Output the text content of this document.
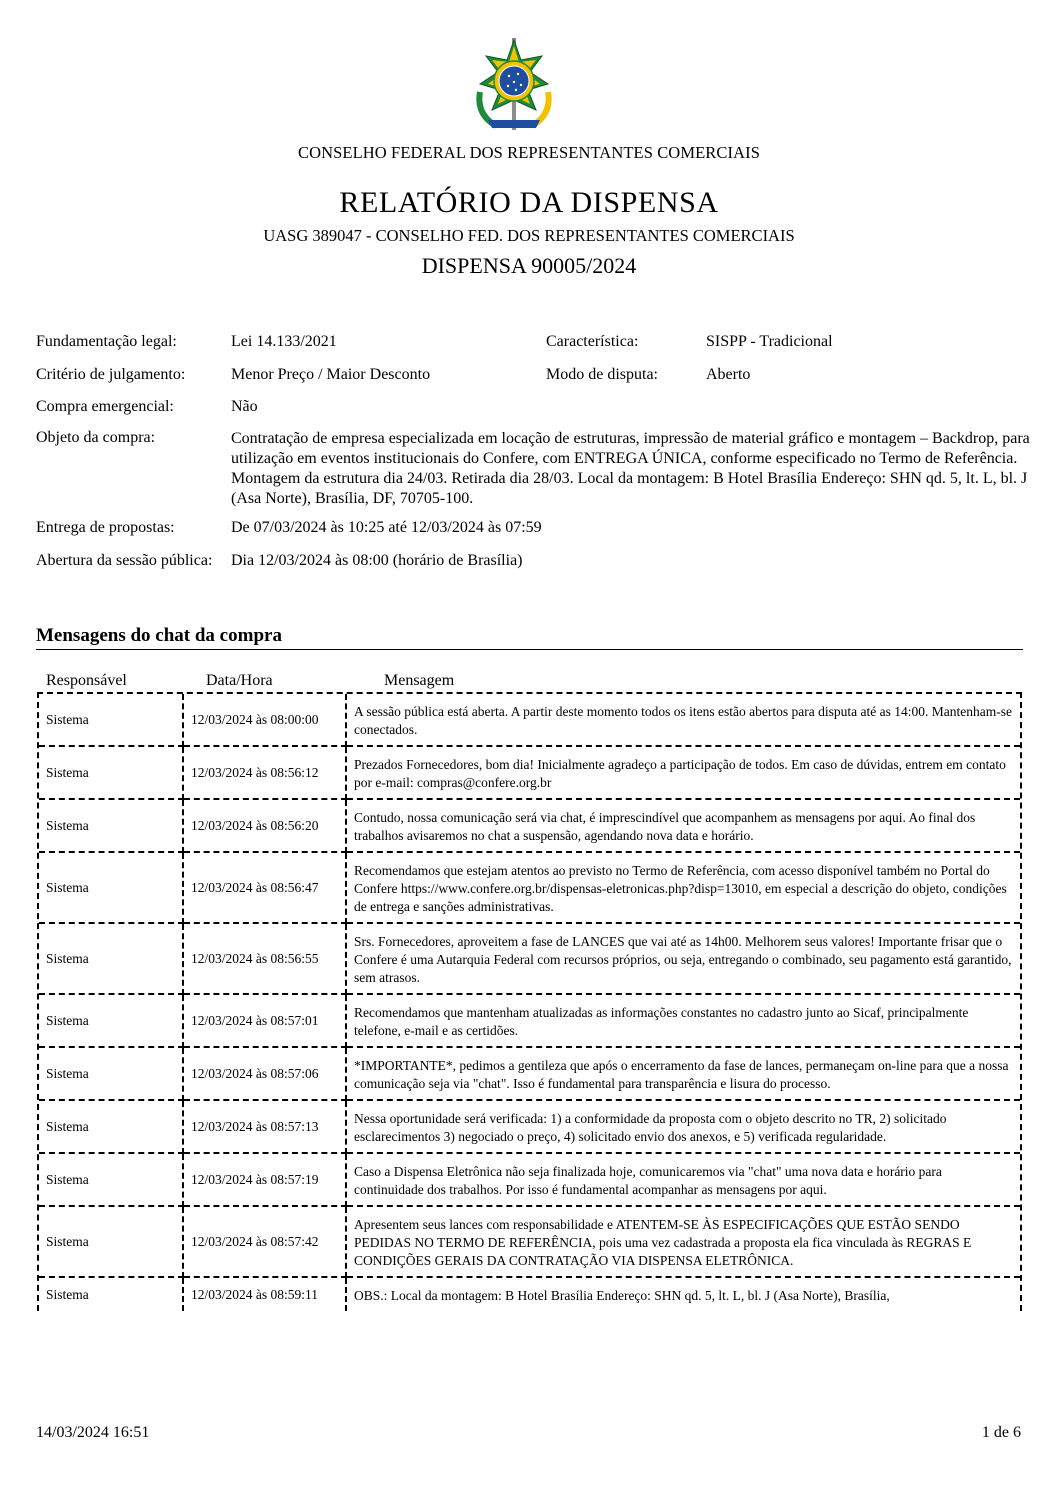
CONSELHO FEDERAL DOS REPRESENTANTES COMERCIAIS
RELATÓRIO DA DISPENSA
UASG 389047 - CONSELHO FED. DOS REPRESENTANTES COMERCIAIS
DISPENSA 90005/2024
Fundamentação legal:	Lei 14.133/2021	Característica:	SISPP - Tradicional
Critério de julgamento:	Menor Preço / Maior Desconto	Modo de disputa:	Aberto
Compra emergencial:	Não
Objeto da compra:	Contratação de empresa especializada em locação de estruturas, impressão de material gráfico e montagem – Backdrop, para utilização em eventos institucionais do Confere, com ENTREGA ÚNICA, conforme especificado no Termo de Referência. Montagem da estrutura dia 24/03. Retirada dia 28/03. Local da montagem: B Hotel Brasília Endereço: SHN qd. 5, lt. L, bl. J (Asa Norte), Brasília, DF, 70705-100.
Entrega de propostas:	De 07/03/2024 às 10:25 até 12/03/2024 às 07:59
Abertura da sessão pública: Dia 12/03/2024 às 08:00 (horário de Brasília)
Mensagens do chat da compra
Responsável	Data/Hora	Mensagem
Sistema	12/03/2024 às 08:00:00	A sessão pública está aberta. A partir deste momento todos os itens estão abertos para disputa até as 14:00. Mantenham-se conectados.
Sistema	12/03/2024 às 08:56:12	Prezados Fornecedores, bom dia! Inicialmente agradeço a participação de todos. Em caso de dúvidas, entrem em contato por e-mail: compras@confere.org.br
Sistema	12/03/2024 às 08:56:20	Contudo, nossa comunicação será via chat, é imprescindível que acompanhem as mensagens por aqui. Ao final dos trabalhos avisaremos no chat a suspensão, agendando nova data e horário.
Sistema	12/03/2024 às 08:56:47	Recomendamos que estejam atentos ao previsto no Termo de Referência, com acesso disponível também no Portal do Confere https://www.confere.org.br/dispensas-eletronicas.php?disp=13010, em especial a descrição do objeto, condições de entrega e sanções administrativas.
Sistema	12/03/2024 às 08:56:55	Srs. Fornecedores, aproveitem a fase de LANCES que vai até as 14h00. Melhorem seus valores! Importante frisar que o Confere é uma Autarquia Federal com recursos próprios, ou seja, entregando o combinado, seu pagamento está garantido, sem atrasos.
Sistema	12/03/2024 às 08:57:01	Recomendamos que mantenham atualizadas as informações constantes no cadastro junto ao Sicaf, principalmente telefone, e-mail e as certidões.
Sistema	12/03/2024 às 08:57:06	*IMPORTANTE*, pedimos a gentileza que após o encerramento da fase de lances, permaneçam on-line para que a nossa comunicação seja via "chat". Isso é fundamental para transparência e lisura do processo.
Sistema	12/03/2024 às 08:57:13	Nessa oportunidade será verificada: 1) a conformidade da proposta com o objeto descrito no TR, 2) solicitado esclarecimentos 3) negociado o preço, 4) solicitado envio dos anexos, e 5) verificada regularidade.
Sistema	12/03/2024 às 08:57:19	Caso a Dispensa Eletrônica não seja finalizada hoje, comunicaremos via "chat" uma nova data e horário para continuidade dos trabalhos. Por isso é fundamental acompanhar as mensagens por aqui.
Sistema	12/03/2024 às 08:57:42	Apresentem seus lances com responsabilidade e ATENTEM-SE ÀS ESPECIFICAÇÕES QUE ESTÃO SENDO PEDIDAS NO TERMO DE REFERÊNCIA, pois uma vez cadastrada a proposta ela fica vinculada às REGRAS E CONDIÇÕES GERAIS DA CONTRATAÇÃO VIA DISPENSA ELETRÔNICA.
Sistema	12/03/2024 às 08:59:11	OBS.: Local da montagem: B Hotel Brasília Endereço: SHN qd. 5, lt. L, bl. J (Asa Norte), Brasília,
14/03/2024 16:51	1 de 6
